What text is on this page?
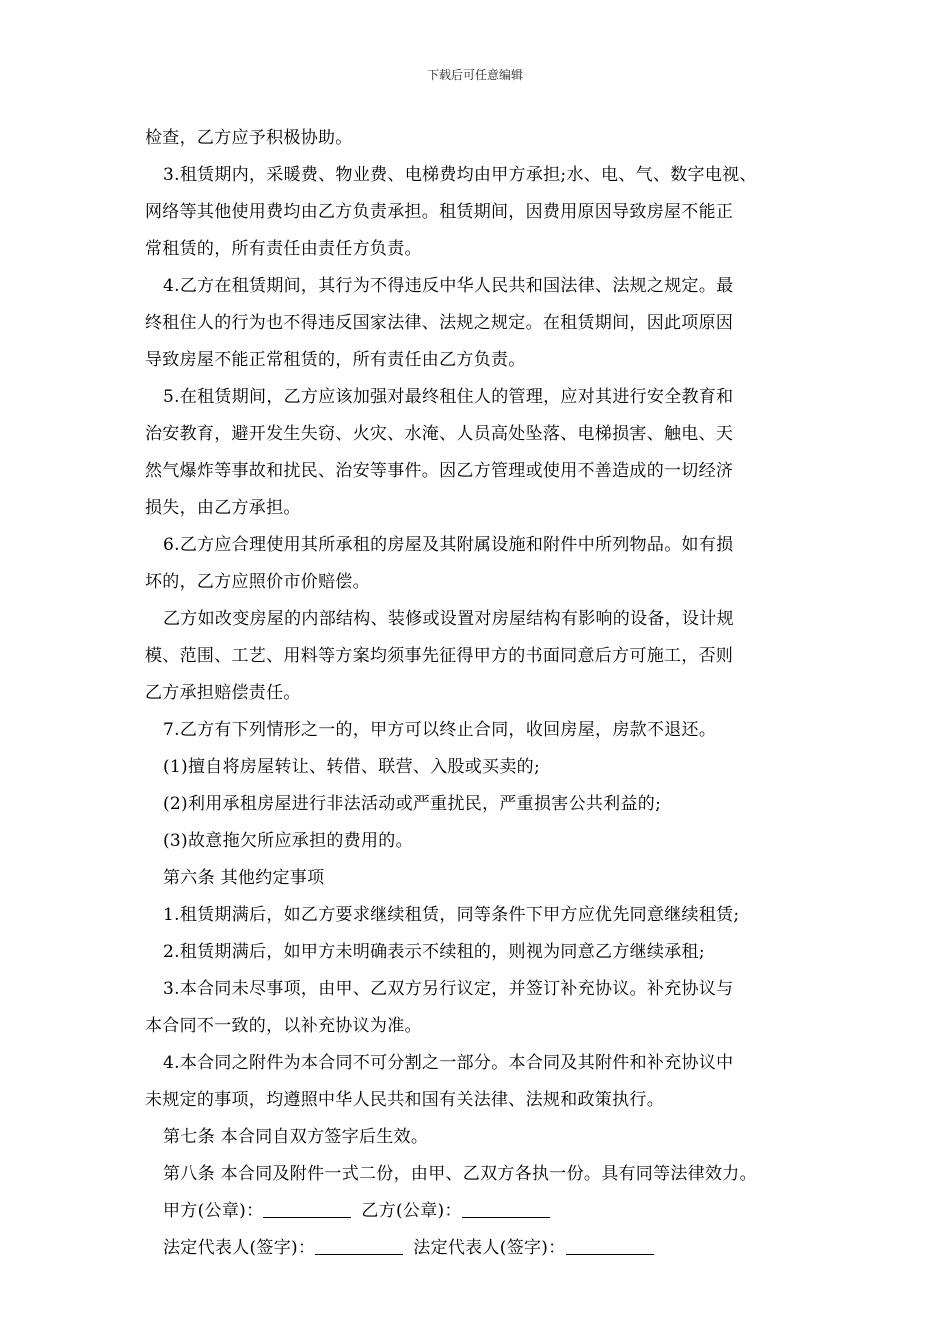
下载后可任意编辑

检查，乙方应予积极协助。

3.租赁期内，采暖费、物业费、电梯费均由甲方承担;水、电、气、数字电视、

网络等其他使用费均由乙方负责承担。租赁期间，因费用原因导致房屋不能正

常租赁的，所有责任由责任方负责。

4.乙方在租赁期间，其行为不得违反中华人民共和国法律、法规之规定。最

终租住人的行为也不得违反国家法律、法规之规定。在租赁期间，因此项原因

导致房屋不能正常租赁的，所有责任由乙方负责。

5.在租赁期间，乙方应该加强对最终租住人的管理，应对其进行安全教育和

治安教育，避开发生失窃、火灾、水淹、人员高处坠落、电梯损害、触电、天

然气爆炸等事故和扰民、治安等事件。因乙方管理或使用不善造成的一切经济

损失，由乙方承担。

6.乙方应合理使用其所承租的房屋及其附属设施和附件中所列物品。如有损

坏的，乙方应照价市价赔偿。

乙方如改变房屋的内部结构、装修或设置对房屋结构有影响的设备，设计规

模、范围、工艺、用料等方案均须事先征得甲方的书面同意后方可施工，否则

乙方承担赔偿责任。

7.乙方有下列情形之一的，甲方可以终止合同，收回房屋，房款不退还。

(1)擅自将房屋转让、转借、联营、入股或买卖的;

(2)利用承租房屋进行非法活动或严重扰民，严重损害公共利益的;

(3)故意拖欠所应承担的费用的。

第六条 其他约定事项

1.租赁期满后，如乙方要求继续租赁，同等条件下甲方应优先同意继续租赁;

2.租赁期满后，如甲方未明确表示不续租的，则视为同意乙方继续承租;

3.本合同未尽事项，由甲、乙双方另行议定，并签订补充协议。补充协议与

本合同不一致的，以补充协议为准。

4.本合同之附件为本合同不可分割之一部分。本合同及其附件和补充协议中

未规定的事项，均遵照中华人民共和国有关法律、法规和政策执行。

第七条 本合同自双方签字后生效。

第八条 本合同及附件一式二份，由甲、乙双方各执一份。具有同等法律效力。

甲方(公章)：	乙方(公章)：

法定代表人(签字)：	法定代表人(签字)：
